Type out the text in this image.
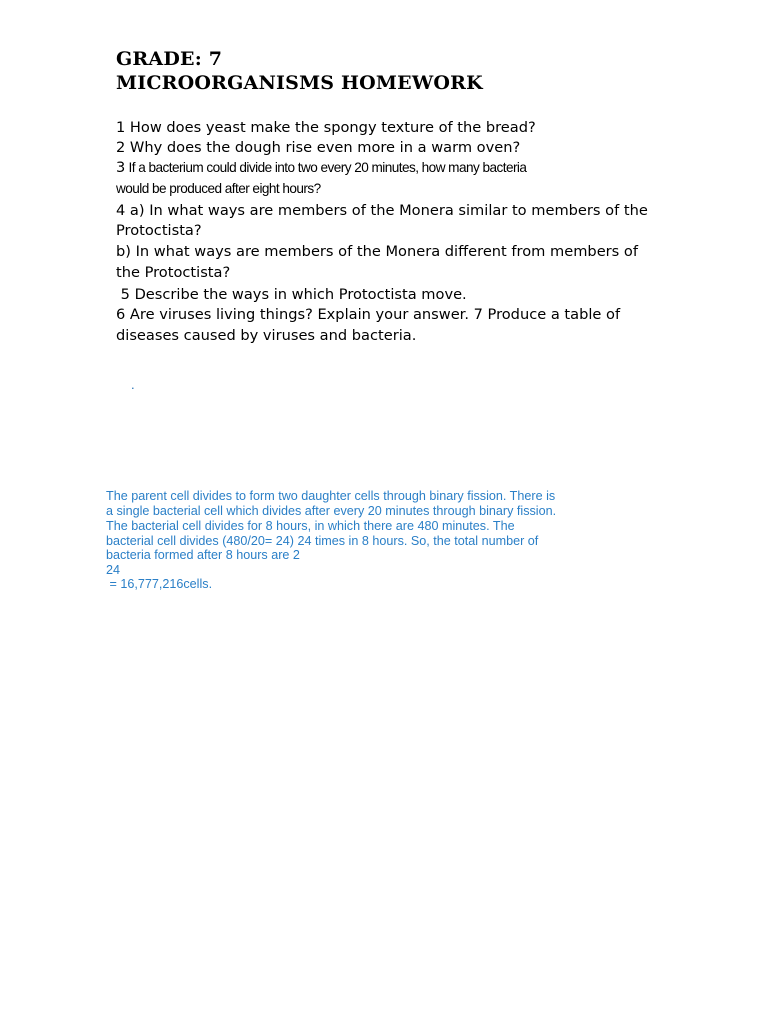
GRADE: 7
MICROORGANISMS HOMEWORK
1 How does yeast make the spongy texture of the bread?
2 Why does the dough rise even more in a warm oven?
3 If a bacterium could divide into two every 20 minutes, how many bacteria
would be produced after eight hours?
4 a) In what ways are members of the Monera similar to members of the
Protoctista?
b) In what ways are members of the Monera different from members of
the Protoctista?
5 Describe the ways in which Protoctista move.
6 Are viruses living things? Explain your answer. 7 Produce a table of
diseases caused by viruses and bacteria.
.
The parent cell divides to form two daughter cells through binary fission. There is
a single bacterial cell which divides after every 20 minutes through binary fission.
The bacterial cell divides for 8 hours, in which there are 480 minutes. The
bacterial cell divides (480/20= 24) 24 times in 8 hours. So, the total number of
bacteria formed after 8 hours are 2
24
= 16,777,216cells.
